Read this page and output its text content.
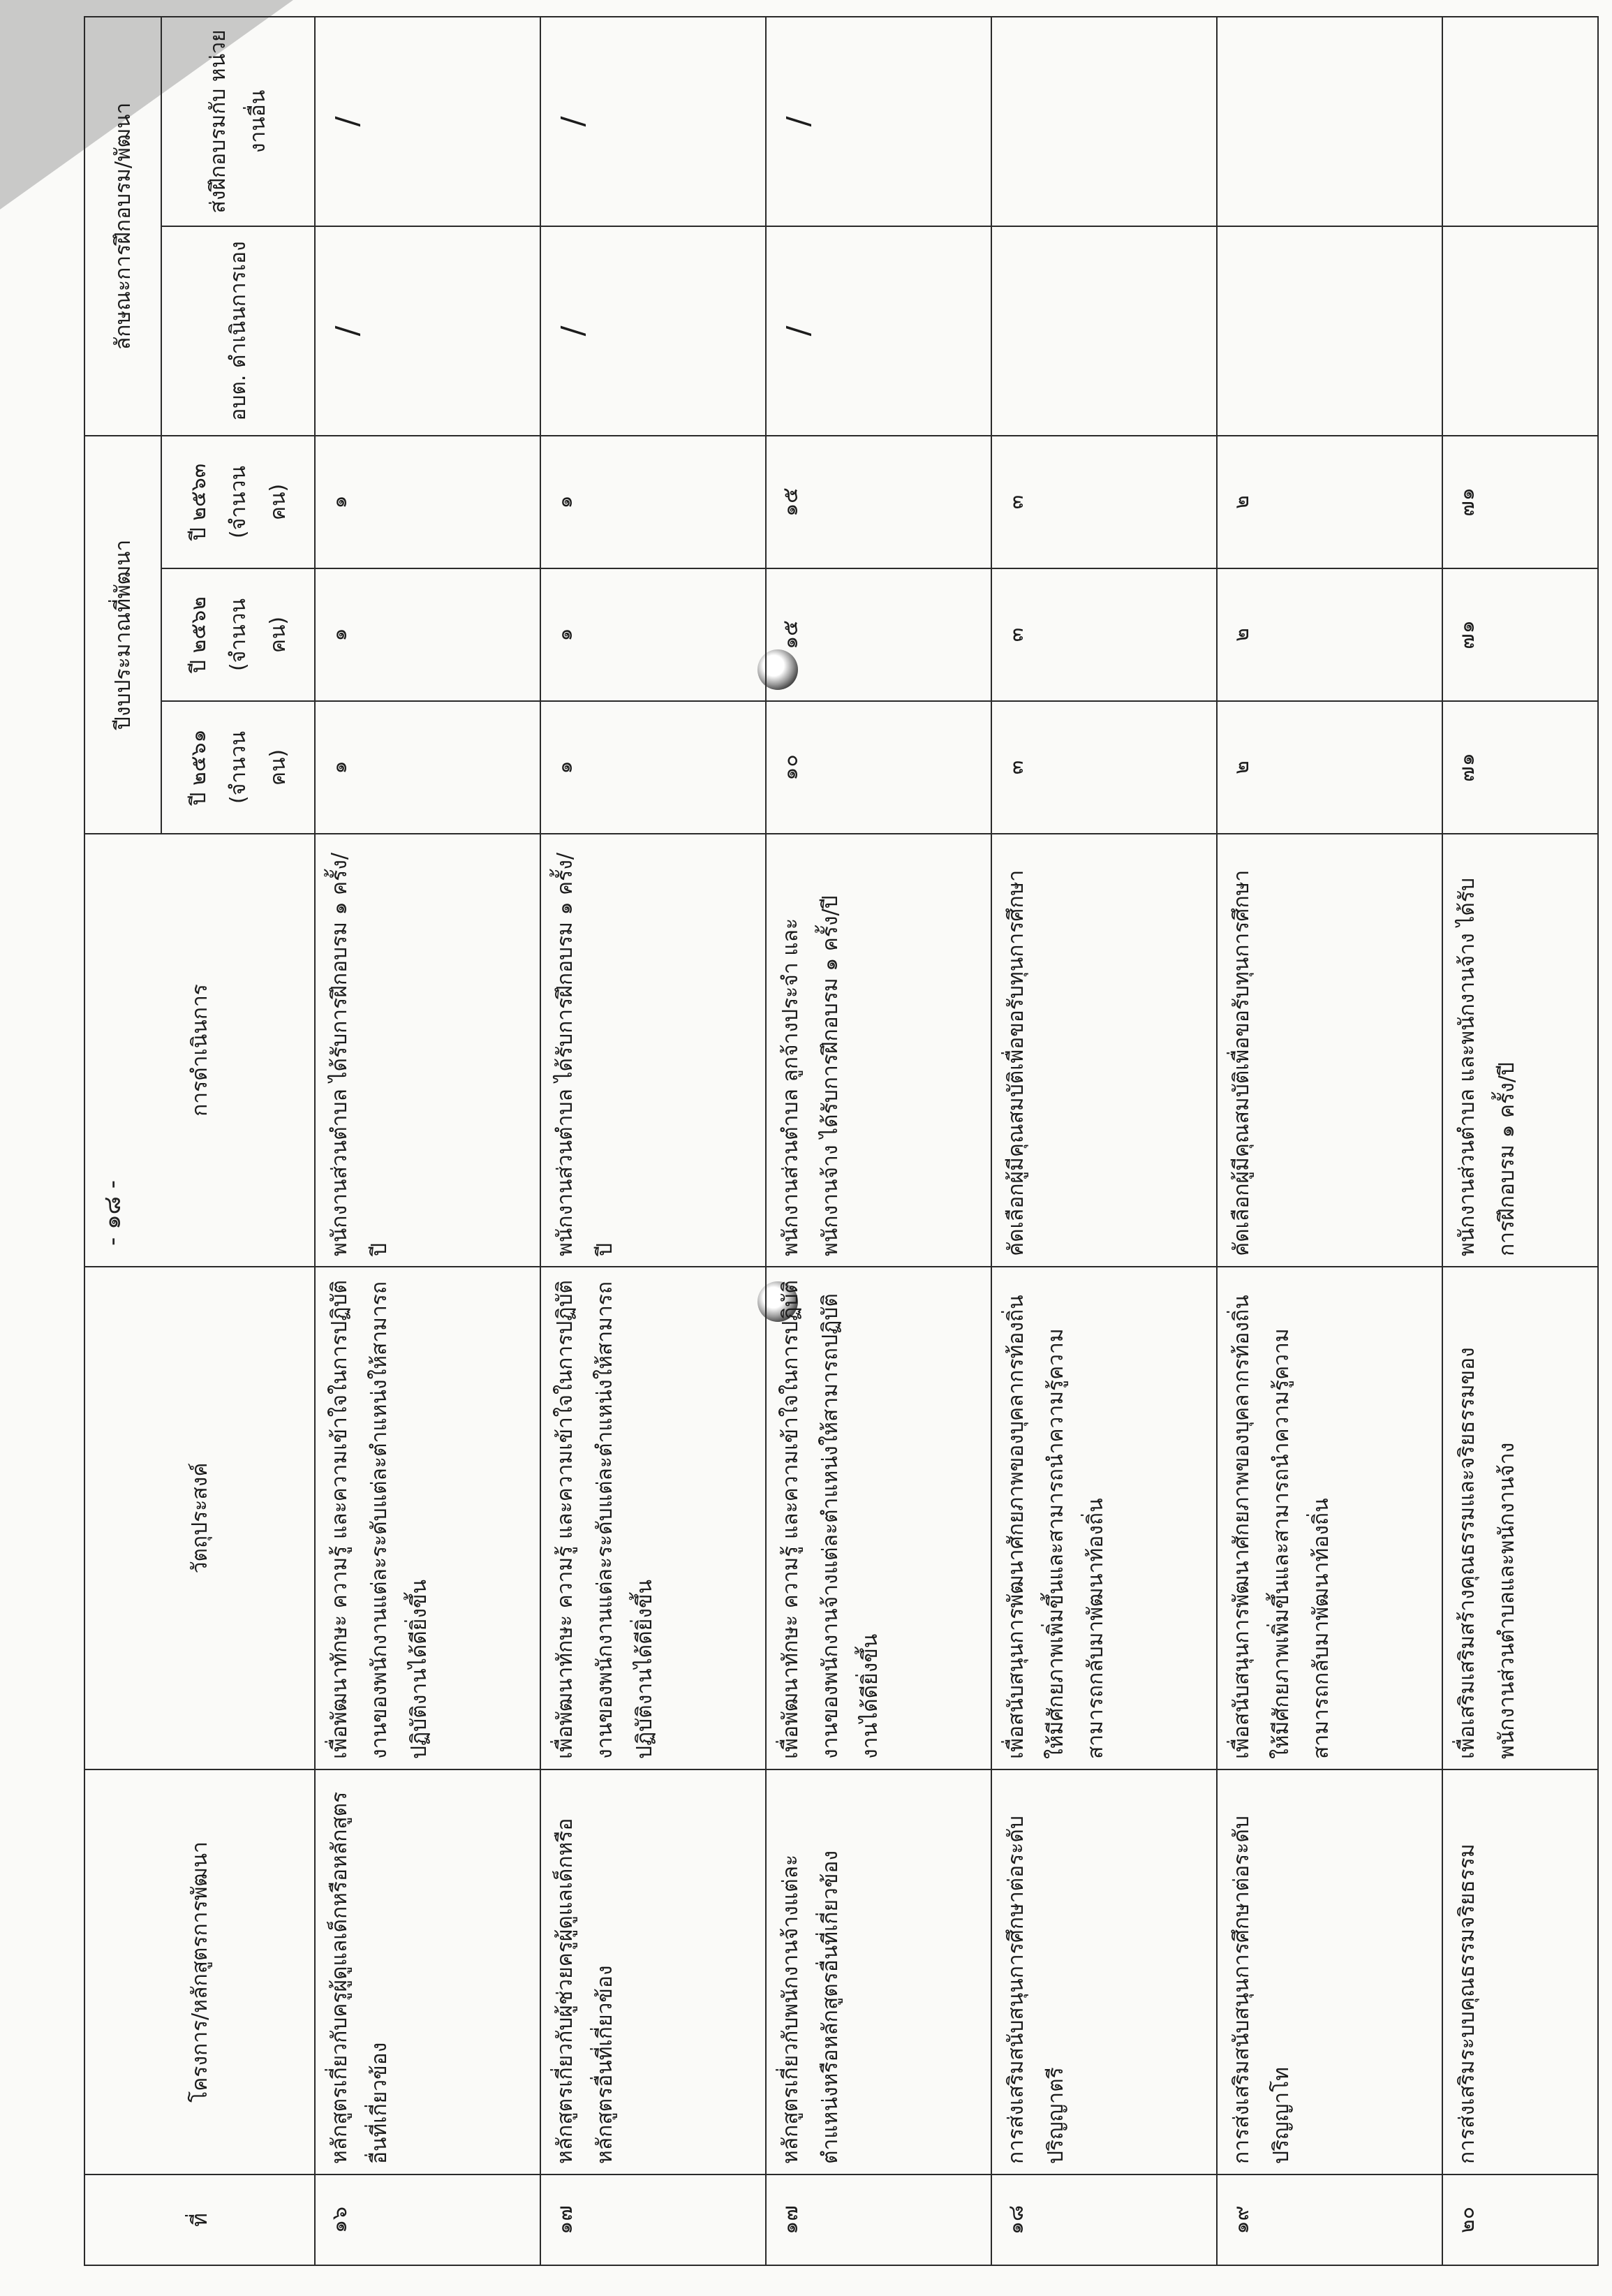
- ๑๘ -
ที่	โครงการ/หลักสูตรการพัฒนา	วัตถุประสงค์	การดำเนินการ	ปีงบประมาณที่พัฒนา			ลักษณะการฝึกอบรม/พัฒนา	
				ปี ๒๕๖๑ (จำนวน คน)	ปี ๒๕๖๒ (จำนวน คน)	ปี ๒๕๖๓ (จำนวน คน)	อบต. ดำเนินการเอง	ส่งฝึกอบรมกับ หน่วยงานอื่น
๑๖	หลักสูตรเกี่ยวกับครูผู้ดูแลเด็กหรือหลักสูตรอื่นที่เกี่ยวข้อง	เพื่อพัฒนาทักษะ ความรู้ และความเข้าใจในการปฏิบัติงานของพนักงานแต่ละระดับแต่ละตำแหน่งให้สามารถปฏิบัติงานได้ดียิ่งขึ้น	พนักงานส่วนตำบล ได้รับการฝึกอบรม ๑ ครั้ง/ปี	๑	๑	๑	/	/
๑๗	หลักสูตรเกี่ยวกับผู้ช่วยครูผู้ดูแลเด็กหรือหลักสูตรอื่นที่เกี่ยวข้อง	เพื่อพัฒนาทักษะ ความรู้ และความเข้าใจในการปฏิบัติงานของพนักงานแต่ละระดับแต่ละตำแหน่งให้สามารถปฏิบัติงานได้ดียิ่งขึ้น	พนักงานส่วนตำบล ได้รับการฝึกอบรม ๑ ครั้ง/ปี	๑	๑	๑	/	/
๑๗	หลักสูตรเกี่ยวกับพนักงานจ้างแต่ละตำแหน่งหรือหลักสูตรอื่นที่เกี่ยวข้อง	เพื่อพัฒนาทักษะ ความรู้ และความเข้าใจในการปฏิบัติงานของพนักงานจ้างแต่ละตำแหน่งให้สามารถปฏิบัติงานได้ดียิ่งขึ้น	พนักงานส่วนตำบล ลูกจ้างประจำ และพนักงานจ้าง ได้รับการฝึกอบรม ๑ ครั้ง/ปี	๑๐	๑๕	๑๕	/	/
๑๘	การส่งเสริมสนับสนุนการศึกษาต่อระดับปริญญาตรี	เพื่อสนับสนุนการพัฒนาศักยภาพของบุคลากรท้องถิ่นให้มีศักยภาพเพิ่มขึ้นและสามารถนำความรู้ความสามารถกลับมาพัฒนาท้องถิ่น	คัดเลือกผู้มีคุณสมบัติเพื่อขอรับทุนการศึกษา	๓	๓	๓		
๑๙	การส่งเสริมสนับสนุนการศึกษาต่อระดับปริญญาโท	เพื่อสนับสนุนการพัฒนาศักยภาพของบุคลากรท้องถิ่นให้มีศักยภาพเพิ่มขึ้นและสามารถนำความรู้ความสามารถกลับมาพัฒนาท้องถิ่น	คัดเลือกผู้มีคุณสมบัติเพื่อขอรับทุนการศึกษา	๒	๒	๒		
๒๐	การส่งเสริมระบบคุณธรรมจริยธรรม	เพื่อเสริมเสริมสร้างคุณธรรมและจริยธรรมของพนักงานส่วนตำบลและพนักงานจ้าง	พนักงานส่วนตำบล และพนักงานจ้าง ได้รับการฝึกอบรม ๑ ครั้ง/ปี	๗๑	๗๑	๗๑		
